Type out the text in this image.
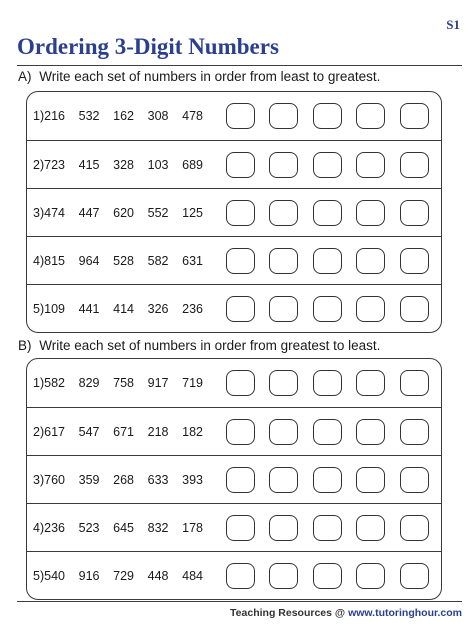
S1
Ordering 3-Digit Numbers
A) Write each set of numbers in order from least to greatest.
1) 216	532	162	308	478
2) 723	415	328	103	689
3) 474	447	620	552	125
4) 815	964	528	582	631
5) 109	441	414	326	236
B) Write each set of numbers in order from greatest to least.
1) 582	829	758	917	719
2) 617	547	671	218	182
3) 760	359	268	633	393
4) 236	523	645	832	178
5) 540	916	729	448	484
Teaching Resources @ www.tutoringhour.com
